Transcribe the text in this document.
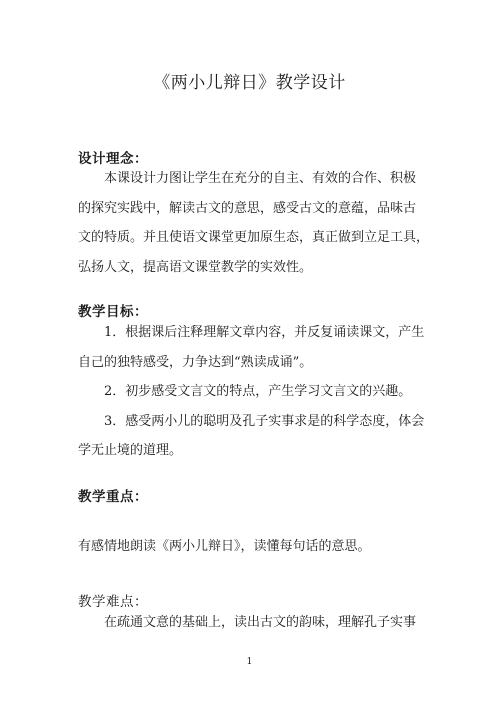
《两小儿辩日》教学设计
设计理念：
本课设计力图让学生在充分的自主、有效的合作、积极
的探究实践中，解读古文的意思，感受古文的意蕴，品味古
文的特质。并且使语文课堂更加原生态，真正做到立足工具，
弘扬人文，提高语文课堂教学的实效性。
教学目标：
1．根据课后注释理解文章内容，并反复诵读课文，产生
自己的独特感受，力争达到“熟读成诵”。
2．初步感受文言文的特点，产生学习文言文的兴趣。
3．感受两小儿的聪明及孔子实事求是的科学态度，体会
学无止境的道理。
教学重点：
有感情地朗读《两小儿辩日》，读懂每句话的意思。
教学难点：
在疏通文意的基础上，读出古文的韵味，理解孔子实事
1
